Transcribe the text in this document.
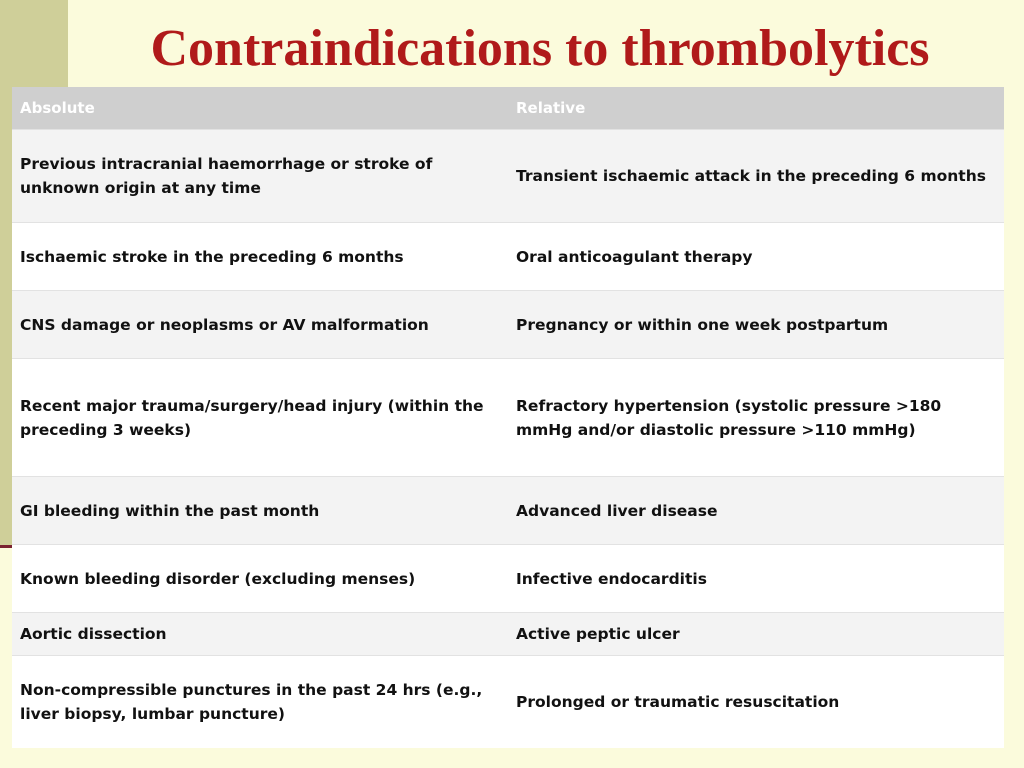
Contraindications to thrombolytics
Absolute	Relative
Previous intracranial haemorrhage or stroke of unknown origin at any time	Transient ischaemic attack in the preceding 6 months
Ischaemic stroke in the preceding 6 months	Oral anticoagulant therapy
CNS damage or neoplasms or AV malformation	Pregnancy or within one week postpartum
Recent major trauma/surgery/head injury (within the preceding 3 weeks)	Refractory hypertension (systolic pressure >180 mmHg and/or diastolic pressure >110 mmHg)
GI bleeding within the past month	Advanced liver disease
Known bleeding disorder (excluding menses)	Infective endocarditis
Aortic dissection	Active peptic ulcer
Non-compressible punctures in the past 24 hrs (e.g., liver biopsy, lumbar puncture)	Prolonged or traumatic resuscitation
